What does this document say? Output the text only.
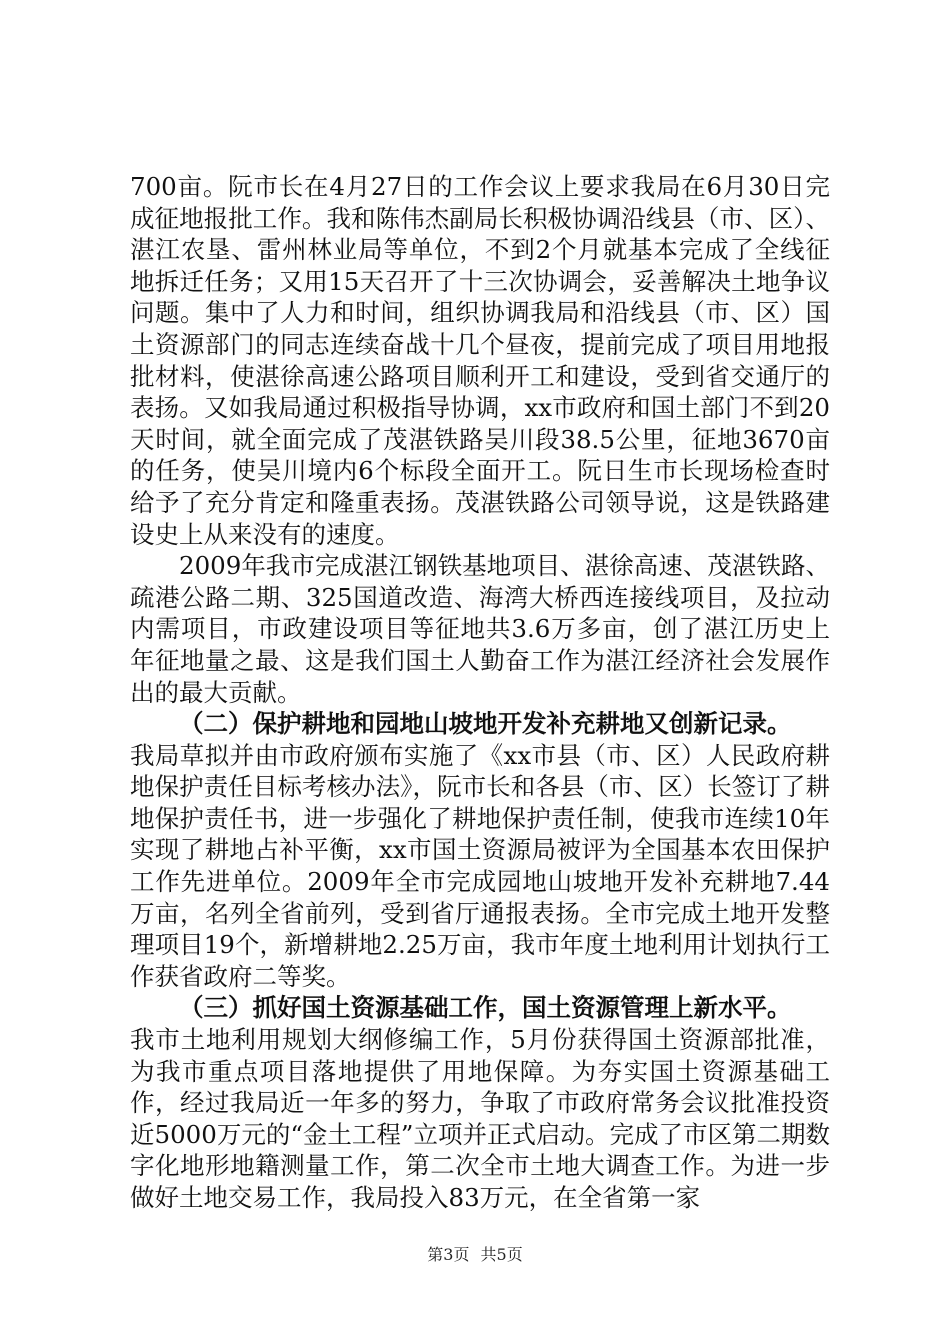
700亩。阮市长在4月27日的工作会议上要求我局在6月30日完成征地报批工作。我和陈伟杰副局长积极协调沿线县（市、区）、湛江农垦、雷州林业局等单位，不到2个月就基本完成了全线征地拆迁任务；又用15天召开了十三次协调会，妥善解决土地争议问题。集中了人力和时间，组织协调我局和沿线县（市、区）国土资源部门的同志连续奋战十几个昼夜，提前完成了项目用地报批材料，使湛徐高速公路项目顺利开工和建设，受到省交通厅的表扬。又如我局通过积极指导协调，xx市政府和国土部门不到20天时间，就全面完成了茂湛铁路吴川段38.5公里，征地3670亩的任务，使吴川境内6个标段全面开工。阮日生市长现场检查时给予了充分肯定和隆重表扬。茂湛铁路公司领导说，这是铁路建设史上从来没有的速度。

2009年我市完成湛江钢铁基地项目、湛徐高速、茂湛铁路、疏港公路二期、325国道改造、海湾大桥西连接线项目，及拉动内需项目，市政建设项目等征地共3.6万多亩，创了湛江历史上年征地量之最、这是我们国土人勤奋工作为湛江经济社会发展作出的最大贡献。

（二）保护耕地和园地山坡地开发补充耕地又创新记录。

我局草拟并由市政府颁布实施了《xx市县（市、区）人民政府耕地保护责任目标考核办法》，阮市长和各县（市、区）长签订了耕地保护责任书，进一步强化了耕地保护责任制，使我市连续10年实现了耕地占补平衡，xx市国土资源局被评为全国基本农田保护工作先进单位。2009年全市完成园地山坡地开发补充耕地7.44万亩，名列全省前列，受到省厅通报表扬。全市完成土地开发整理项目19个，新增耕地2.25万亩，我市年度土地利用计划执行工作获省政府二等奖。

（三）抓好国土资源基础工作，国土资源管理上新水平。

我市土地利用规划大纲修编工作，5月份获得国土资源部批准，为我市重点项目落地提供了用地保障。为夯实国土资源基础工作，经过我局近一年多的努力，争取了市政府常务会议批准投资近5000万元的“金土工程”立项并正式启动。完成了市区第二期数字化地形地籍测量工作，第二次全市土地大调查工作。为进一步做好土地交易工作，我局投入83万元，在全省第一家

第3页 共5页
